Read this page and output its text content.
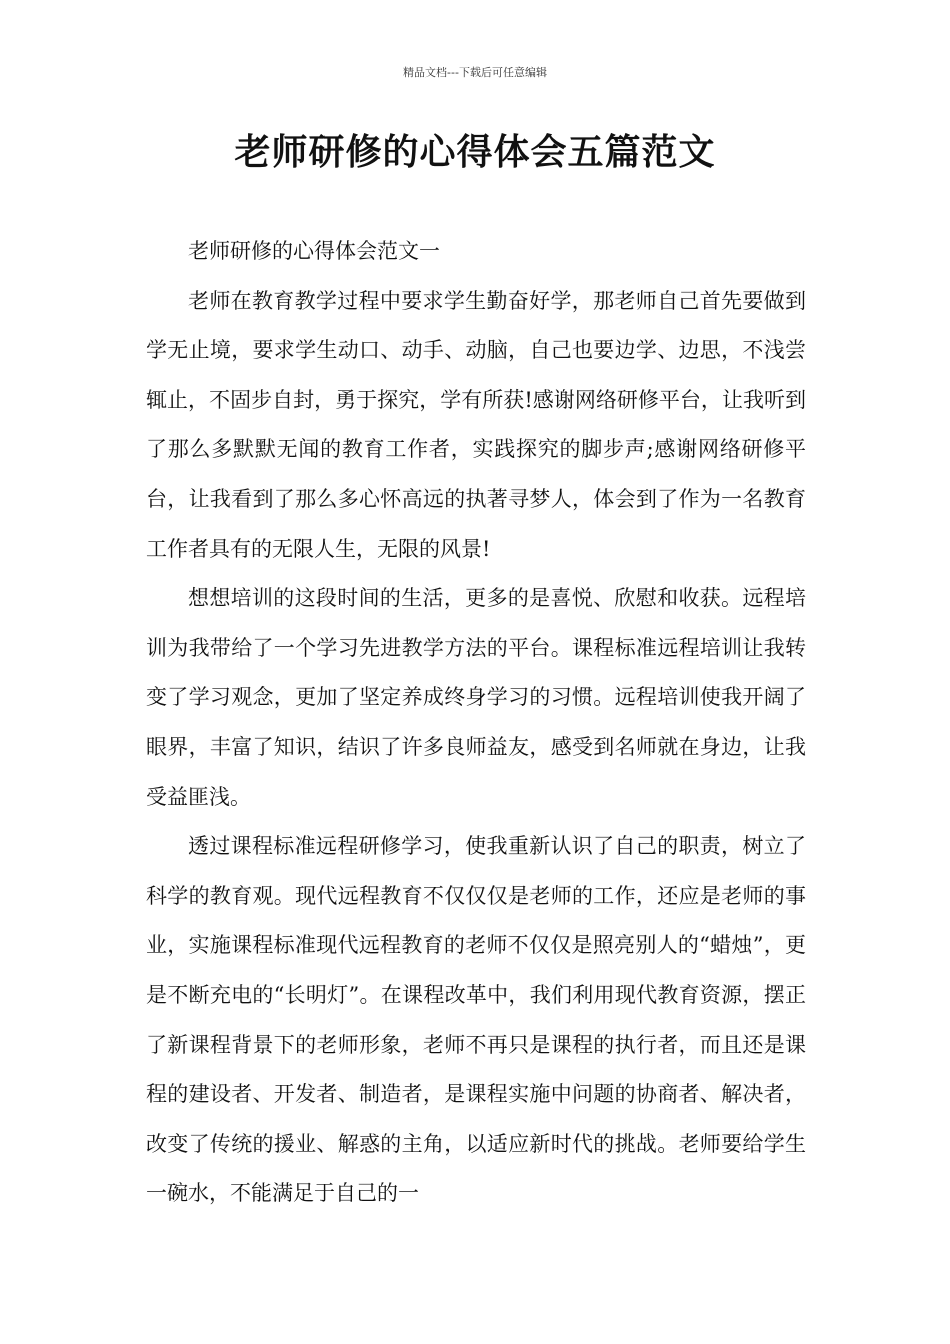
精品文档---下载后可任意编辑
老师研修的心得体会五篇范文

老师研修的心得体会范文一

老师在教育教学过程中要求学生勤奋好学，那老师自己首先要做到学无止境，要求学生动口、动手、动脑，自己也要边学、边思，不浅尝辄止，不固步自封，勇于探究，学有所获!感谢网络研修平台，让我听到了那么多默默无闻的教育工作者，实践探究的脚步声;感谢网络研修平台，让我看到了那么多心怀高远的执著寻梦人，体会到了作为一名教育工作者具有的无限人生，无限的风景!

想想培训的这段时间的生活，更多的是喜悦、欣慰和收获。远程培训为我带给了一个学习先进教学方法的平台。课程标准远程培训让我转变了学习观念，更加了坚定养成终身学习的习惯。远程培训使我开阔了眼界，丰富了知识，结识了许多良师益友，感受到名师就在身边，让我受益匪浅。

透过课程标准远程研修学习，使我重新认识了自己的职责，树立了科学的教育观。现代远程教育不仅仅仅是老师的工作，还应是老师的事业，实施课程标准现代远程教育的老师不仅仅是照亮别人的“蜡烛”，更是不断充电的“长明灯”。在课程改革中，我们利用现代教育资源，摆正了新课程背景下的老师形象，老师不再只是课程的执行者，而且还是课程的建设者、开发者、制造者，是课程实施中问题的协商者、解决者，改变了传统的援业、解惑的主角，以适应新时代的挑战。老师要给学生一碗水，不能满足于自己的一
